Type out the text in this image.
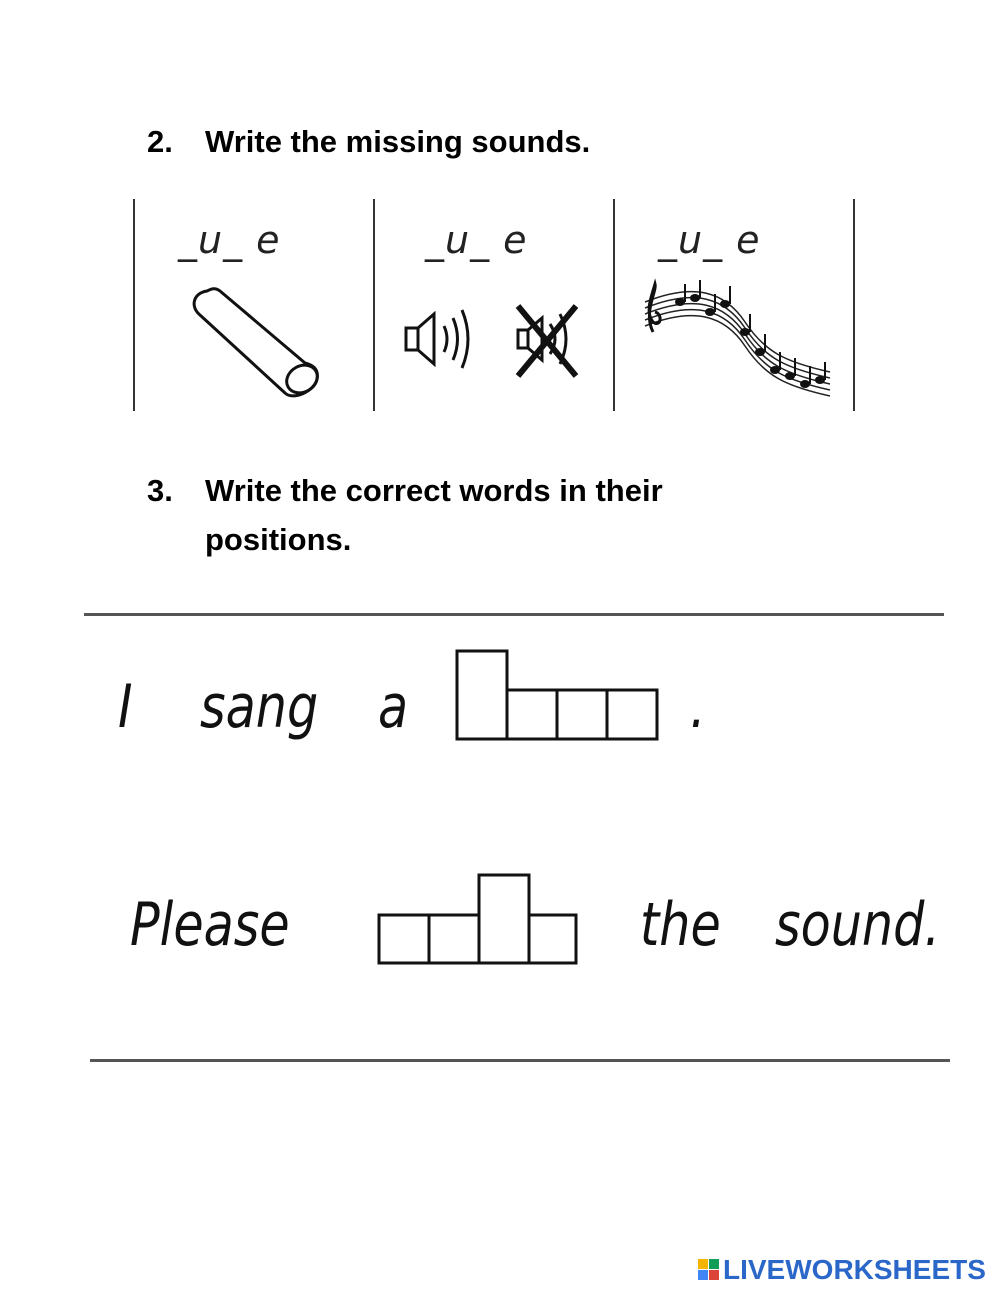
2. Write the missing sounds.
_u_ e	_u_ e	_u_ e
3. Write the correct words in their
positions.
I sang a	.
Please	the sound.
LIVEWORKSHEETS
